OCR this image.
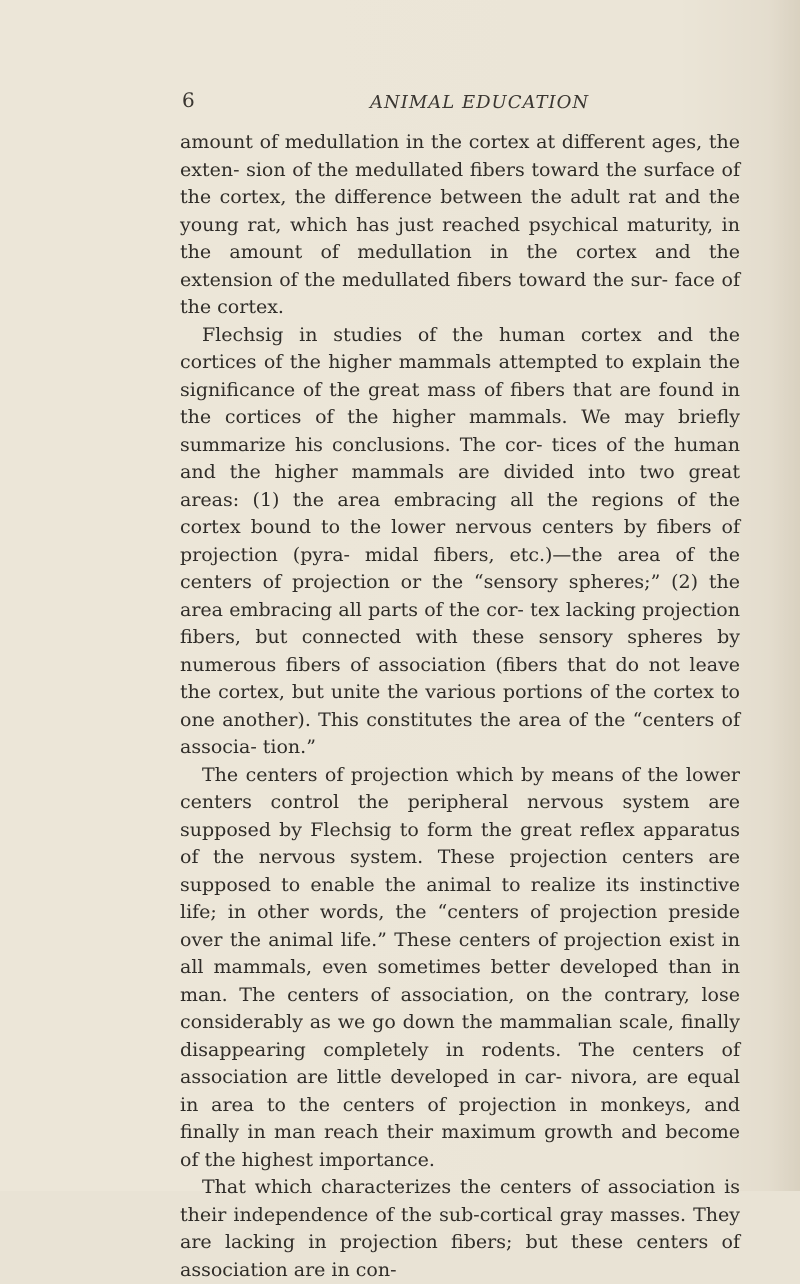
6	ANIMAL EDUCATION

amount of medullation in the cortex at different ages, the exten- sion of the medullated fibers toward the surface of the cortex, the difference between the adult rat and the young rat, which has just reached psychical maturity, in the amount of medullation in the cortex and the extension of the medullated fibers toward the sur- face of the cortex.

Flechsig in studies of the human cortex and the cortices of the higher mammals attempted to explain the significance of the great mass of fibers that are found in the cortices of the higher mammals. We may briefly summarize his conclusions. The cor- tices of the human and the higher mammals are divided into two great areas: (1) the area embracing all the regions of the cortex bound to the lower nervous centers by fibers of projection (pyra- midal fibers, etc.)—the area of the centers of projection or the “sensory spheres;” (2) the area embracing all parts of the cor- tex lacking projection fibers, but connected with these sensory spheres by numerous fibers of association (fibers that do not leave the cortex, but unite the various portions of the cortex to one another). This constitutes the area of the “centers of associa- tion.”

The centers of projection which by means of the lower centers control the peripheral nervous system are supposed by Flechsig to form the great reflex apparatus of the nervous system. These projection centers are supposed to enable the animal to realize its instinctive life; in other words, the “centers of projection preside over the animal life.” These centers of projection exist in all mammals, even sometimes better developed than in man. The centers of association, on the contrary, lose considerably as we go down the mammalian scale, finally disappearing completely in rodents. The centers of association are little developed in car- nivora, are equal in area to the centers of projection in monkeys, and finally in man reach their maximum growth and become of the highest importance.

That which characterizes the centers of association is their independence of the sub-cortical gray masses. They are lacking in projection fibers; but these centers of association are in con-
